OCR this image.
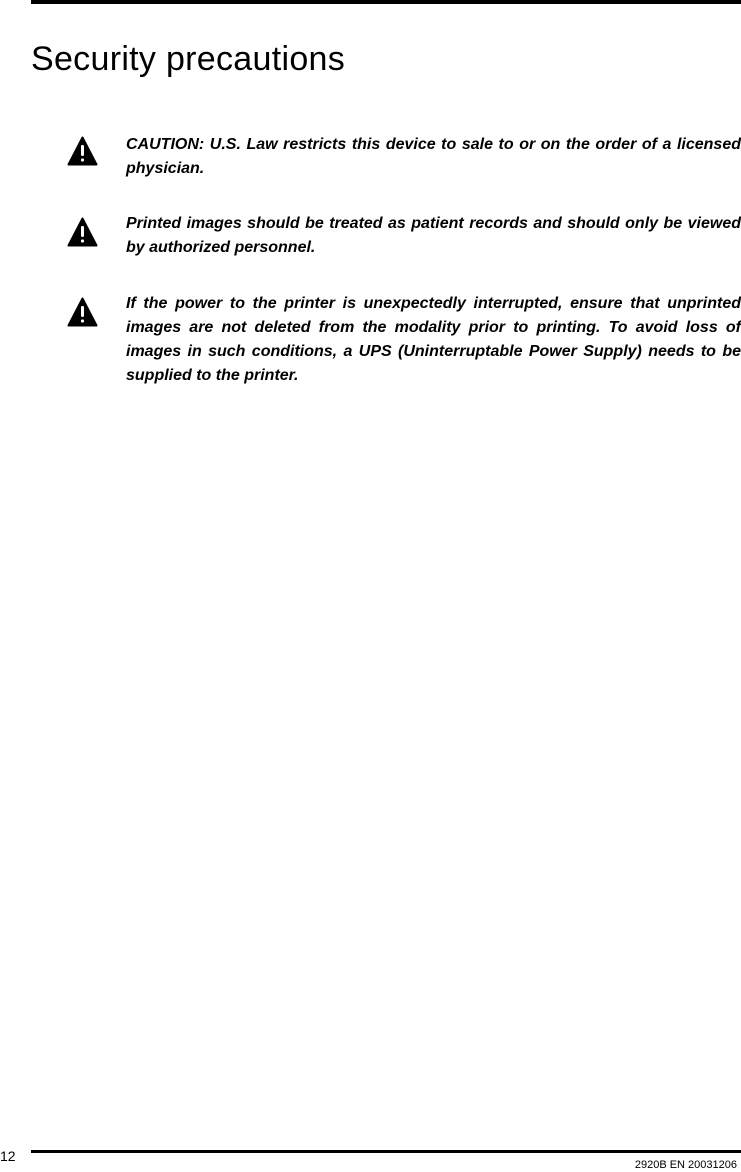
Security precautions

CAUTION: U.S. Law restricts this device to sale to or on the order of a licensed physician.

Printed images should be treated as patient records and should only be viewed by authorized personnel.

If the power to the printer is unexpectedly interrupted, ensure that unprinted images are not deleted from the modality prior to printing. To avoid loss of images in such conditions, a UPS (Uninterruptable Power Supply) needs to be supplied to the printer.

12
2920B EN 20031206
